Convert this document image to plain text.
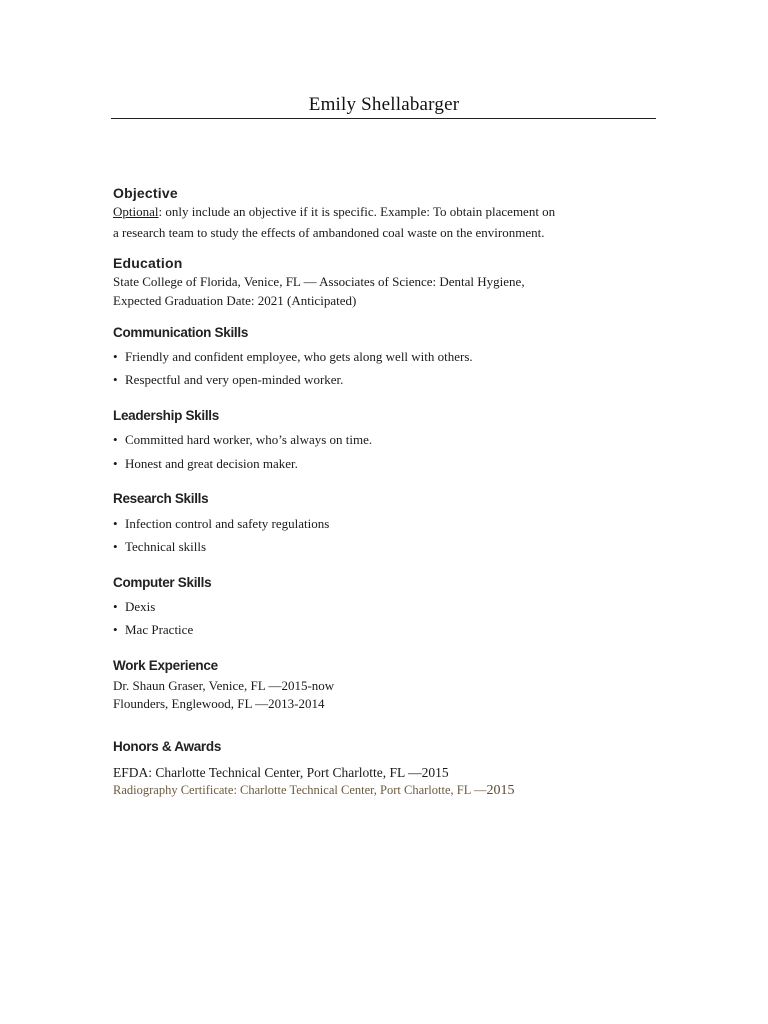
Emily Shellabarger
Objective
Optional: only include an objective if it is specific. Example: To obtain placement on
a research team to study the effects of ambandoned coal waste on the environment.
Education
State College of Florida, Venice, FL — Associates of Science: Dental Hygiene,
Expected Graduation Date: 2021 (Anticipated)
Communication Skills
• Friendly and confident employee, who gets along well with others.
• Respectful and very open-minded worker.
Leadership Skills
• Committed hard worker, who’s always on time.
• Honest and great decision maker.
Research Skills
• Infection control and safety regulations
• Technical skills
Computer Skills
• Dexis
• Mac Practice
Work Experience
Dr. Shaun Graser, Venice, FL —2015-now
Flounders, Englewood, FL —2013-2014
Honors & Awards
EFDA: Charlotte Technical Center, Port Charlotte, FL —2015
Radiography Certificate: Charlotte Technical Center, Port Charlotte, FL —2015
